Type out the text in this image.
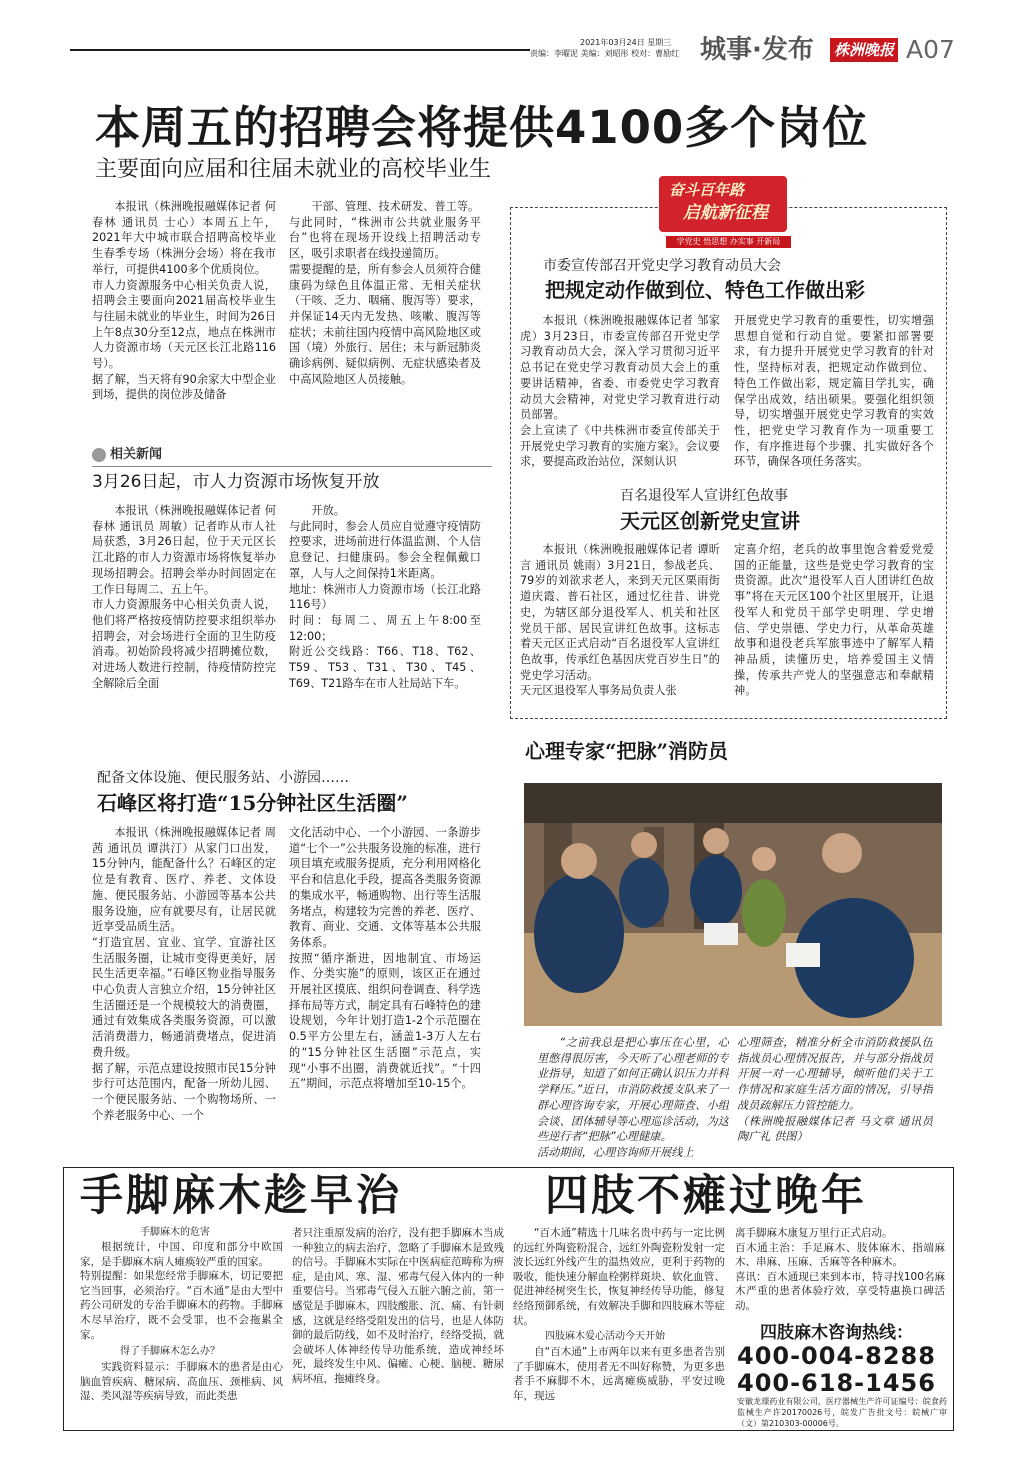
2021年03月24日 星期三
责编：李曜泥 美编：刘昭彤 校对：曹励红 城事·发布 株洲晚报 A07
本周五的招聘会将提供4100多个岗位
主要面向应届和往届未就业的高校毕业生

本报讯（株洲晚报融媒体记者 何春林 通讯员 士心）本周五上午，2021年大中城市联合招聘高校毕业生春季专场（株洲分会场）将在我市举行，可提供4100多个优质岗位。
市人力资源服务中心相关负责人说，招聘会主要面向2021届高校毕业生与往届未就业的毕业生，时间为26日上午8点30分至12点，地点在株洲市人力资源市场（天元区长江北路116号）。
据了解，当天将有90余家大中型企业到场，提供的岗位涉及储备

干部、管理、技术研发、普工等。
与此同时，“株洲市公共就业服务平台”也将在现场开设线上招聘活动专区，吸引求职者在线投递简历。
需要提醒的是，所有参会人员须符合健康码为绿色且体温正常、无相关症状（干咳、乏力、咽痛、腹泻等）要求，并保证14天内无发热、咳嗽、腹泻等症状；未前往国内疫情中高风险地区或国（境）外旅行、居住；未与新冠肺炎确诊病例、疑似病例、无症状感染者及中高风险地区人员接触。

相关新闻
3月26日起，市人力资源市场恢复开放

本报讯（株洲晚报融媒体记者 何春林 通讯员 周敏）记者昨从市人社局获悉，3月26日起，位于天元区长江北路的市人力资源市场将恢复举办现场招聘会。招聘会举办时间固定在工作日每周二、五上午。
市人力资源服务中心相关负责人说，他们将严格按疫情防控要求组织举办招聘会，对会场进行全面的卫生防疫消毒。初始阶段将减少招聘摊位数，对进场人数进行控制，待疫情防控完全解除后全面

开放。
与此同时，参会人员应自觉遵守疫情防控要求，进场前进行体温监测、个人信息登记、扫健康码。参会全程佩戴口罩，人与人之间保持1米距离。
地址：株洲市人力资源市场（长江北路116号）
时间：每周二、周五上午8:00至12:00；
附近公交线路：T66、T18、T62、T59、T53、T31、T30、T45、T69、T21路车在市人社局站下车。

奋斗百年路
启航新征程
学党史 悟思想 办实事 开新局
市委宣传部召开党史学习教育动员大会
把规定动作做到位、特色工作做出彩

本报讯（株洲晚报融媒体记者 邹家虎）3月23日，市委宣传部召开党史学习教育动员大会，深入学习贯彻习近平总书记在党史学习教育动员大会上的重要讲话精神，省委、市委党史学习教育动员大会精神，对党史学习教育进行动员部署。
会上宣读了《中共株洲市委宣传部关于开展党史学习教育的实施方案》。会议要求，要提高政治站位，深刻认识

开展党史学习教育的重要性，切实增强思想自觉和行动自觉。要紧扣部署要求，有力提升开展党史学习教育的针对性，坚持标对表，把规定动作做到位、特色工作做出彩，规定篇目学扎实，确保学出成效，结出硕果。要强化组织领导，切实增强开展党史学习教育的实效性，把党史学习教育作为一项重要工作，有序推进每个步骤、扎实做好各个环节，确保各项任务落实。

百名退役军人宣讲红色故事
天元区创新党史宣讲

本报讯（株洲晚报融媒体记者 谭昕言 通讯员 姚雨）3月21日，参战老兵、79岁的刘欲求老人，来到天元区栗雨街道庆霞、普石社区，通过忆往昔、讲党史，为辖区部分退役军人、机关和社区党员干部、居民宣讲红色故事。这标志着天元区正式启动“百名退役军人宣讲红色故事，传承红色基因庆党百岁生日”的党史学习活动。
天元区退役军人事务局负责人张

定喜介绍，老兵的故事里饱含着爱党爱国的正能量，这些是党史学习教育的宝贵资源。此次“退役军人百人团讲红色故事”将在天元区100个社区里展开，让退役军人和党员干部学史明理、学史增信、学史崇德、学史力行，从革命英雄故事和退役老兵军旅事迹中了解军人精神品质，读懂历史，培养爱国主义情操，传承共产党人的坚强意志和奉献精神。

配备文体设施、便民服务站、小游园……
石峰区将打造“15分钟社区生活圈”

本报讯（株洲晚报融媒体记者 周茜 通讯员 谭洪汀）从家门口出发，15分钟内，能配备什么？石峰区的定位是有教育、医疗、养老、文体设施、便民服务站、小游园等基本公共服务设施，应有就要尽有，让居民就近享受品质生活。
“打造宜居、宜业、宜学、宜游社区生活服务圈，让城市变得更美好，居民生活更幸福。”石峰区物业指导服务中心负责人言独立介绍，15分钟社区生活圈还是一个规模较大的消费圈，通过有效集成各类服务资源，可以激活消费潜力，畅通消费堵点，促进消费升级。
据了解，示范点建设按照市民15分钟步行可达范围内，配备一所幼儿园、一个便民服务站、一个购物场所、一个养老服务中心、一个

文化活动中心、一个小游园、一条游步道“七个一”公共服务设施的标准，进行项目填充或服务提质，充分利用网格化平台和信息化手段，提高各类服务资源的集成水平，畅通购物、出行等生活服务堵点，构建较为完善的养老、医疗、教育、商业、交通、文体等基本公共服务体系。
按照“循序渐进，因地制宜、市场运作、分类实施”的原则，该区正在通过开展社区摸底、组织问卷调查、科学选择布局等方式，制定具有石峰特色的建设规划，今年计划打造1-2个示范圈在0.5平方公里左右，涵盖1-3万人左右的“15分钟社区生活圈”示范点，实现“小事不出圈，消费就近找”。“十四五”期间，示范点将增加至10-15个。

心理专家“把脉”消防员

“之前我总是把心事压在心里，心里憋得很厉害，今天听了心理老师的专业指导，知道了如何正确认识压力并科学释压。”近日，市消防救援支队来了一群心理咨询专家，开展心理筛查、小组会谈、团体辅导等心理巡诊活动，为这些逆行者“把脉”心理健康。
活动期间，心理咨询师开展线上

心理筛查，精准分析全市消防救援队伍指战员心理情况报告，并与部分指战员开展一对一心理辅导，倾听他们关于工作情况和家庭生活方面的情况，引导指战员疏解压力管控能力。
（株洲晚报融媒体记者 马文章 通讯员 陶广礼 供图）

手脚麻木趁早治	四肢不瘫过晚年
手脚麻木的危害

根据统计，中国、印度和部分中欧国家，是手脚麻木病人瘫痪较严重的国家。
特别提醒：如果您经常手脚麻木，切记要把它当回事，必须治疗。“百木通”是由大型中药公司研发的专治手脚麻木的药物。手脚麻木尽早治疗，既不会受罪，也不会拖累全家。

得了手脚麻木怎么办？

实践资料显示：手脚麻木的患者是由心脑血管疾病、糖尿病、高血压、颈椎病、风湿、类风湿等疾病导致，而此类患

者只注重原发病的治疗，没有把手脚麻木当成一种独立的病去治疗，忽略了手脚麻木是致残的信号。手脚麻木实际在中医病症范畴称为痹症，是由风、寒、湿、邪毒气侵入体内的一种重要信号。当邪毒气侵入五脏六腑之前，第一感觉是手脚麻木，四肢酸胀、沉、痛、有针刺感，这就是经络受阻发出的信号，也是人体防御的最后防线，如不及时治疗，经络受损，就会破坏人体神经传导功能系统，造成神经坏死，最终发生中风、偏瘫、心梗、脑梗、糖尿病坏疽，拖瘫终身。

“百木通”精选十几味名贵中药与一定比例的远红外陶瓷粉混合，远红外陶瓷粉发射一定波长远红外线产生的温热效应，更利于药物的吸收，能快速分解血栓粥样斑块、软化血管、促进神经树突生长，恢复神经传导功能，修复经络预御系统，有效解决手脚和四肢麻木等症状。

四肢麻木爱心活动今天开始

自“百木通”上市两年以来有更多患者告别了手脚麻木，使用者无不叫好称赞，为更多患者手不麻脚不木，远离瘫痪威胁，平安过晚年，现远

离手脚麻木康复万里行正式启动。
百木通主治：手足麻木、肢体麻木、指端麻木、串麻、压麻、舌麻等各种麻木。
喜讯：百木通现已来到本市，特寻找100名麻木严重的患者体验疗效，享受特惠换口碑活动。

四肢麻木咨询热线：
400-004-8288
400-618-1456

安徽龙璟药业有限公司，医疗器械生产许可证编号：皖食药监械生产许20170026号，皖发广告批文号：皖械广审（文）第210303-00006号。
